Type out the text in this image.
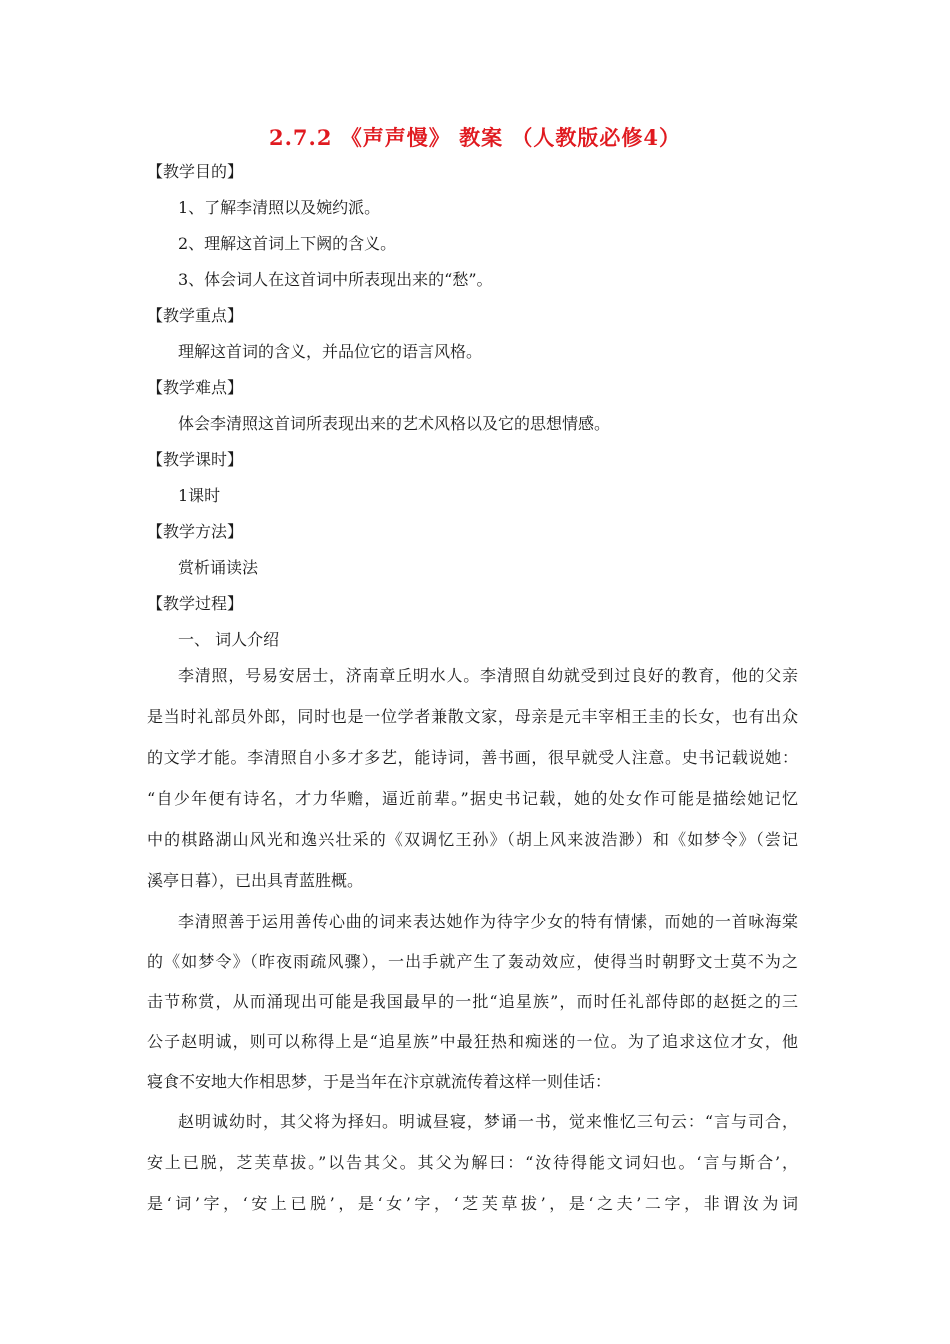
2.7.2 《声声慢》 教案 （人教版必修4）
【教学目的】
1、了解李清照以及婉约派。
2、理解这首词上下阙的含义。
3、体会词人在这首词中所表现出来的“愁”。
【教学重点】
理解这首词的含义，并品位它的语言风格。
【教学难点】
体会李清照这首词所表现出来的艺术风格以及它的思想情感。
【教学课时】
1课时
【教学方法】
赏析诵读法
【教学过程】
一、 词人介绍
李清照，号易安居士，济南章丘明水人。李清照自幼就受到过良好的教育，他的父亲
是当时礼部员外郎，同时也是一位学者兼散文家，母亲是元丰宰相王圭的长女，也有出众
的文学才能。李清照自小多才多艺，能诗词，善书画，很早就受人注意。史书记载说她：
“自少年便有诗名，才力华赡，逼近前辈。”据史书记载，她的处女作可能是描绘她记忆
中的棋路湖山风光和逸兴壮采的《双调忆王孙》（胡上风来波浩渺）和《如梦令》（尝记
溪亭日暮），已出具青蓝胜概。
李清照善于运用善传心曲的词来表达她作为待字少女的特有情愫，而她的一首咏海棠
的《如梦令》（昨夜雨疏风骤），一出手就产生了轰动效应，使得当时朝野文士莫不为之
击节称赏，从而涌现出可能是我国最早的一批“追星族”，而时任礼部侍郎的赵挺之的三
公子赵明诚，则可以称得上是“追星族”中最狂热和痴迷的一位。为了追求这位才女，他
寝食不安地大作相思梦，于是当年在汴京就流传着这样一则佳话：
赵明诚幼时，其父将为择妇。明诚昼寝，梦诵一书，觉来惟忆三句云：“言与司合，
安上已脱，芝芙草拔。”以告其父。其父为解曰：“汝待得能文词妇也。‘言与斯合’，
是‘词’字，‘安上已脱’，是‘女’字，‘芝芙草拔’，是‘之夫’二字，非谓汝为词
